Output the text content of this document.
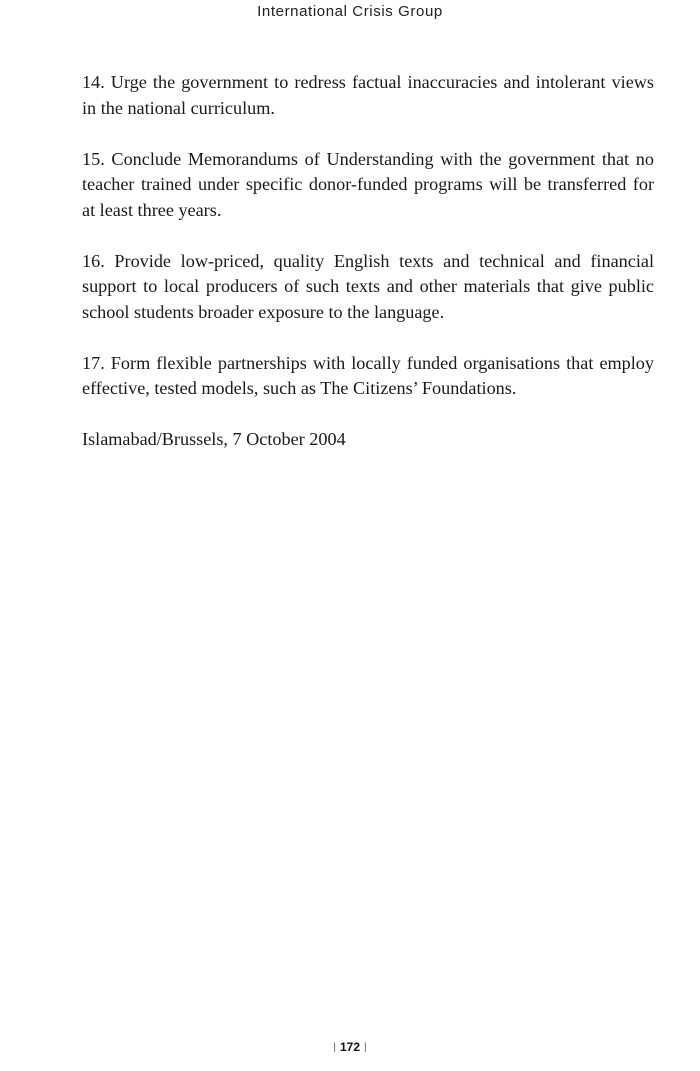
International Crisis Group

14. Urge the government to redress factual inaccuracies and intolerant views in the national curriculum.

15. Conclude Memorandums of Understanding with the government that no teacher trained under specific donor-funded programs will be transferred for at least three years.

16. Provide low-priced, quality English texts and technical and financial support to local producers of such texts and other materials that give public school students broader exposure to the language.

17. Form flexible partnerships with locally funded organisations that employ effective, tested models, such as The Citizens’ Foundations.

Islamabad/Brussels, 7 October 2004

| 172 |
